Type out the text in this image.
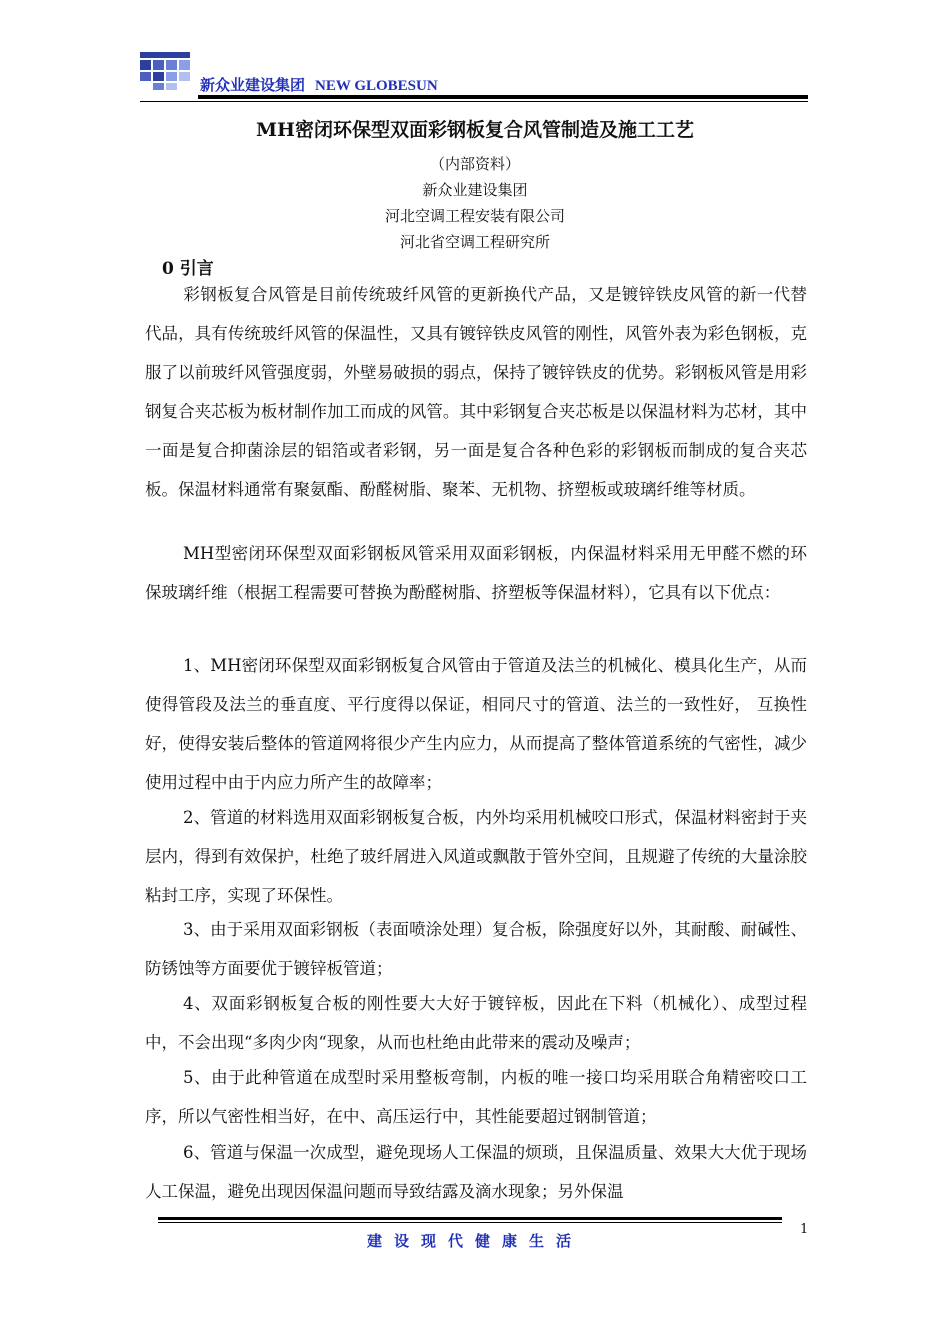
新众业建设集团 NEW GLOBESUN
MH密闭环保型双面彩钢板复合风管制造及施工工艺
（内部资料）
新众业建设集团
河北空调工程安装有限公司
河北省空调工程研究所
0 引言
彩钢板复合风管是目前传统玻纤风管的更新换代产品，又是镀锌铁皮风管的新一代替代品，具有传统玻纤风管的保温性，又具有镀锌铁皮风管的刚性，风管外表为彩色钢板，克服了以前玻纤风管强度弱，外壁易破损的弱点，保持了镀锌铁皮的优势。彩钢板风管是用彩钢复合夹芯板为板材制作加工而成的风管。其中彩钢复合夹芯板是以保温材料为芯材，其中一面是复合抑菌涂层的铝箔或者彩钢，另一面是复合各种色彩的彩钢板而制成的复合夹芯板。保温材料通常有聚氨酯、酚醛树脂、聚苯、无机物、挤塑板或玻璃纤维等材质。
MH型密闭环保型双面彩钢板风管采用双面彩钢板，内保温材料采用无甲醛不燃的环保玻璃纤维（根据工程需要可替换为酚醛树脂、挤塑板等保温材料），它具有以下优点：
1、MH密闭环保型双面彩钢板复合风管由于管道及法兰的机械化、模具化生产，从而使得管段及法兰的垂直度、平行度得以保证，相同尺寸的管道、法兰的一致性好， 互换性好，使得安装后整体的管道网将很少产生内应力，从而提高了整体管道系统的气密性，减少使用过程中由于内应力所产生的故障率；
2、管道的材料选用双面彩钢板复合板，内外均采用机械咬口形式，保温材料密封于夹层内，得到有效保护，杜绝了玻纤屑进入风道或飘散于管外空间，且规避了传统的大量涂胶粘封工序，实现了环保性。
3、由于采用双面彩钢板（表面喷涂处理）复合板，除强度好以外，其耐酸、耐碱性、防锈蚀等方面要优于镀锌板管道；
4、双面彩钢板复合板的刚性要大大好于镀锌板，因此在下料（机械化）、成型过程中，不会出现“多肉少肉“现象，从而也杜绝由此带来的震动及噪声；
5、由于此种管道在成型时采用整板弯制，内板的唯一接口均采用联合角精密咬口工序，所以气密性相当好，在中、高压运行中，其性能要超过钢制管道；
6、管道与保温一次成型，避免现场人工保温的烦琐，且保温质量、效果大大优于现场人工保温，避免出现因保温问题而导致结露及滴水现象；另外保温
建设现代健康生活
1
